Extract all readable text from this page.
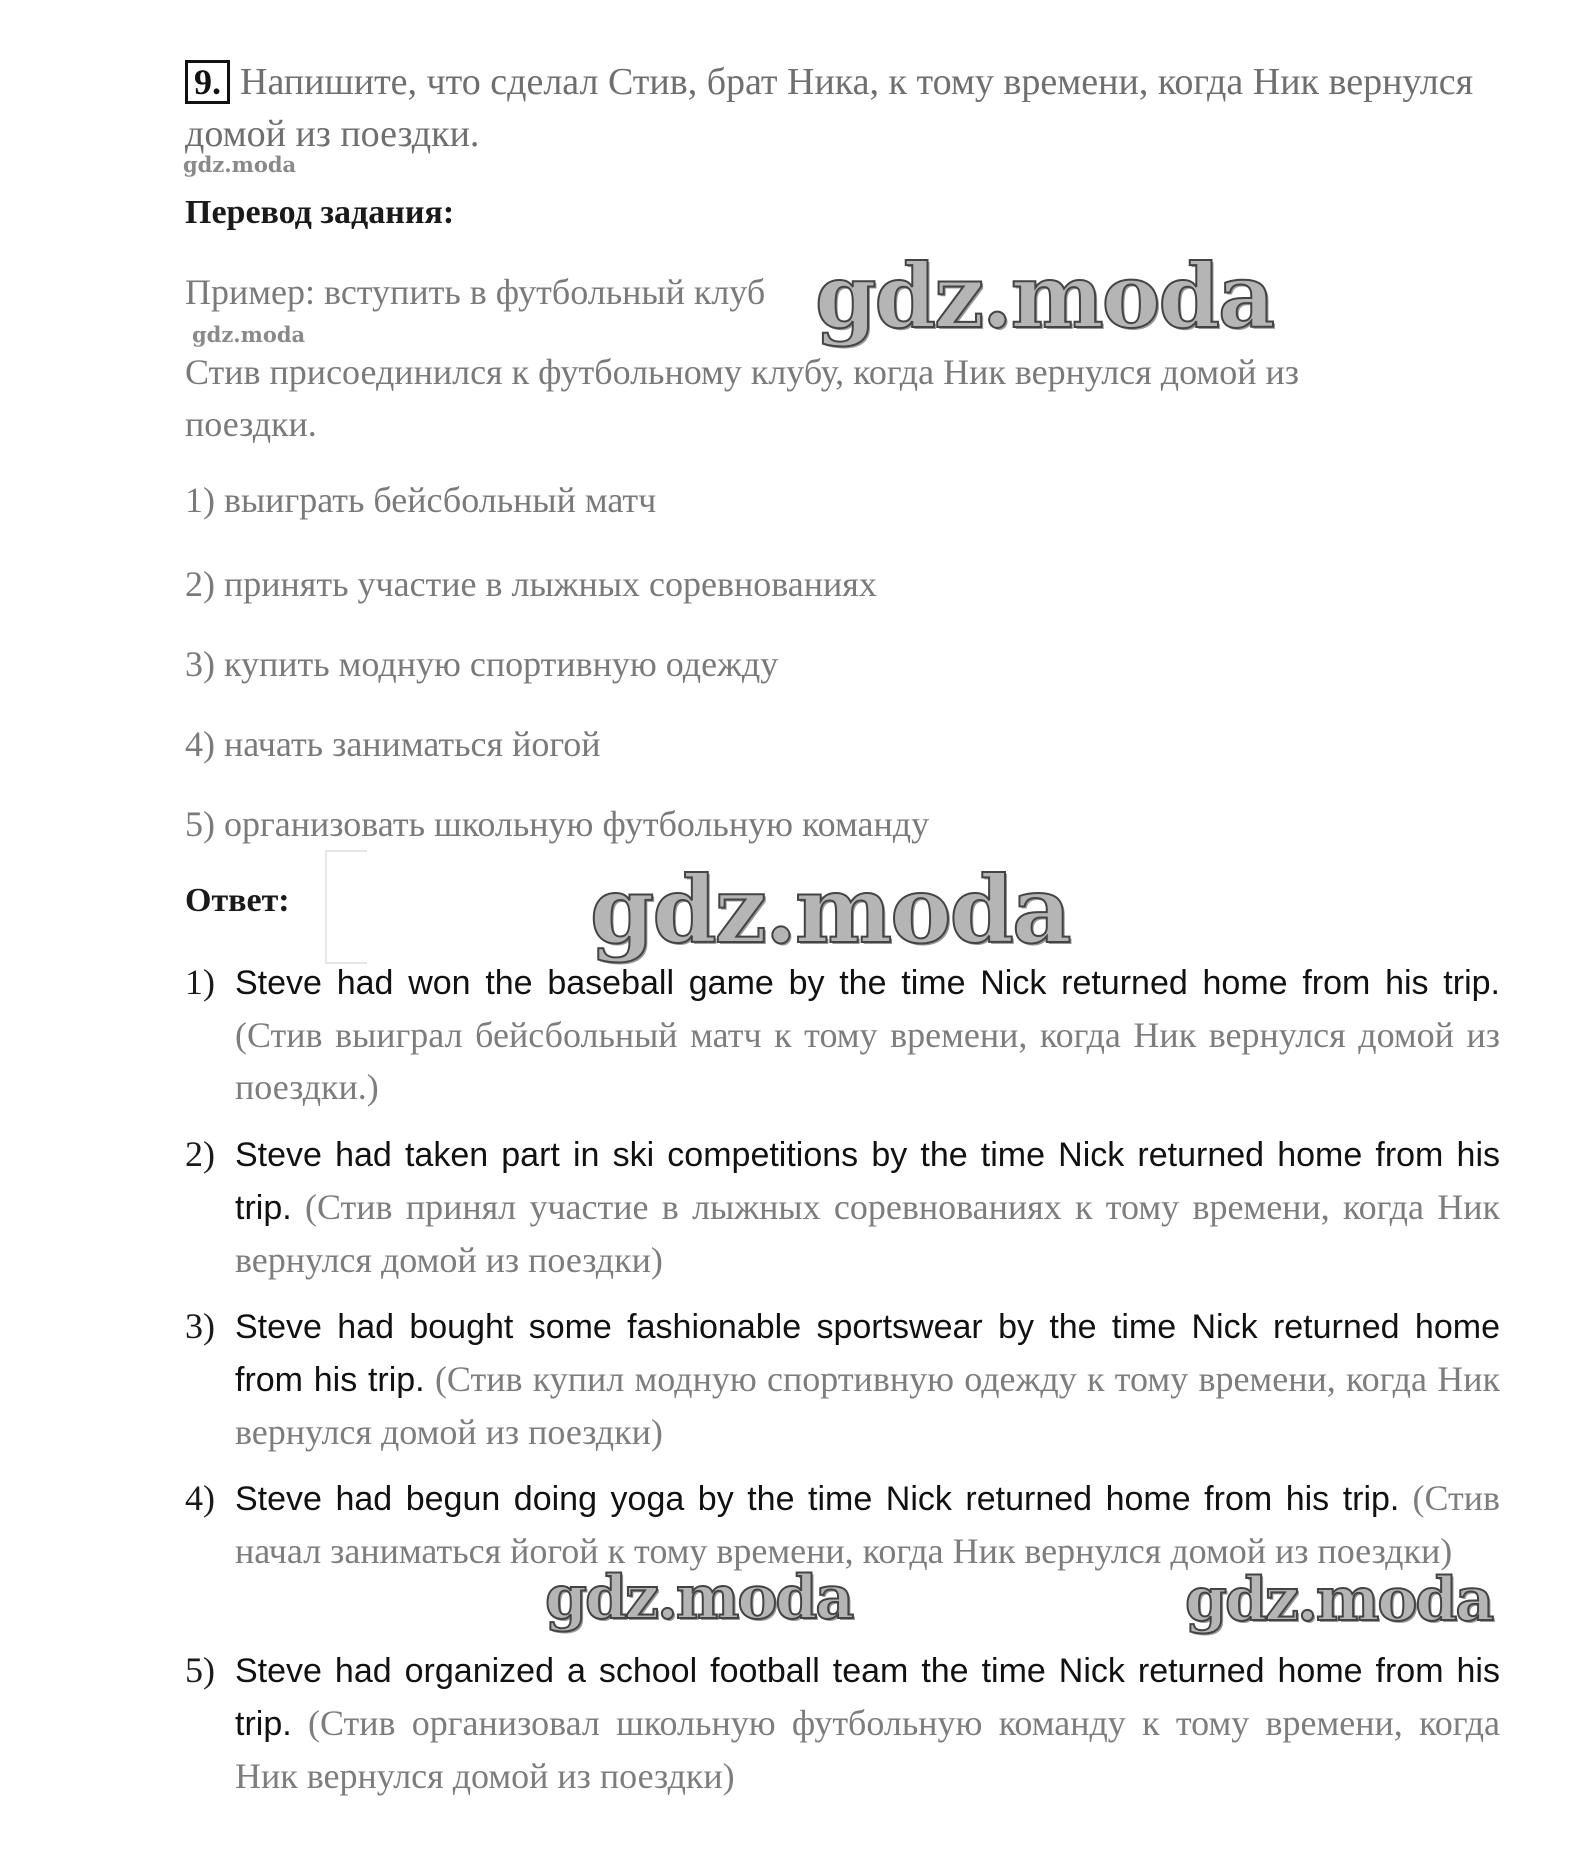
9. Напишите, что сделал Стив, брат Ника, к тому времени, когда Ник вернулся домой из поездки.
gdz.moda
Перевод задания:
Пример: вступить в футбольный клуб gdz.moda
gdz.moda
Стив присоединился к футбольному клубу, когда Ник вернулся домой из поездки.
1) выиграть бейсбольный матч
2) принять участие в лыжных соревнованиях
3) купить модную спортивную одежду
4) начать заниматься йогой
5) организовать школьную футбольную команду
Ответ:	gdz.moda
1) Steve had won the baseball game by the time Nick returned home from his trip. (Стив выиграл бейсбольный матч к тому времени, когда Ник вернулся домой из поездки.)
2) Steve had taken part in ski competitions by the time Nick returned home from his trip. (Стив принял участие в лыжных соревнованиях к тому времени, когда Ник вернулся домой из поездки)
3) Steve had bought some fashionable sportswear by the time Nick returned home from his trip. (Стив купил модную спортивную одежду к тому времени, когда Ник вернулся домой из поездки)
4) Steve had begun doing yoga by the time Nick returned home from his trip. (Стив начал заниматься йогой к тому времени, когда Ник вернулся домой из поездки)
gdz.moda	gdz.moda
5) Steve had organized a school football team the time Nick returned home from his trip. (Стив организовал школьную футбольную команду к тому времени, когда Ник вернулся домой из поездки)
